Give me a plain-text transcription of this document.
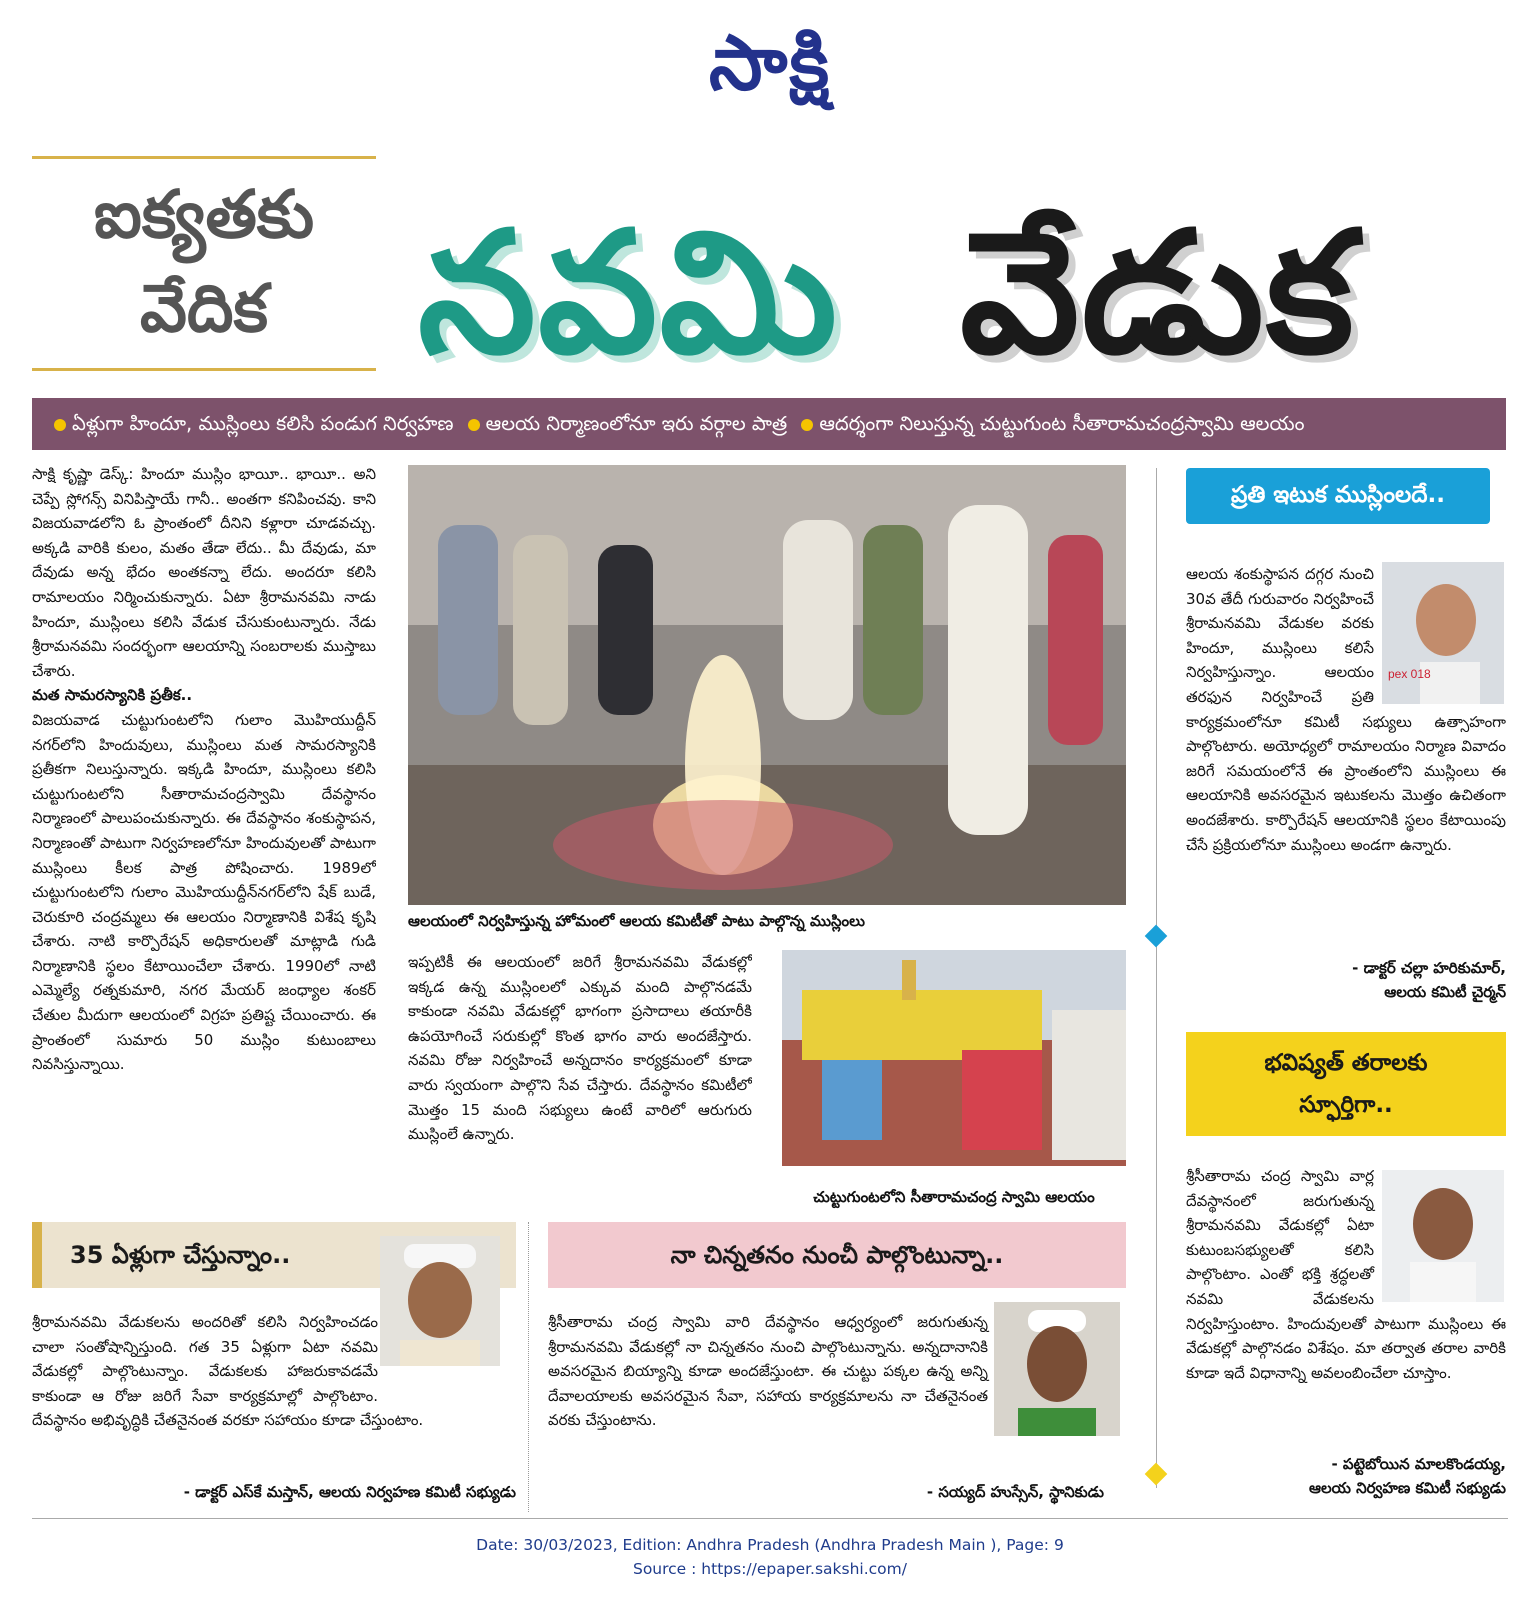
సాక్షి
ఐక్యతకు
వేదిక నవమి వేడుక
ఏళ్లుగా హిందూ, ముస్లింలు కలిసి పండుగ నిర్వహణ ఆలయ నిర్మాణంలోనూ ఇరు వర్గాల పాత్ర ఆదర్శంగా నిలుస్తున్న చుట్టుగుంట సీతారామచంద్రస్వామి ఆలయం

సాక్షి కృష్ణా డెస్క్: హిందూ ముస్లిం భాయీ.. భాయీ.. అని చెప్పే స్లోగన్స్ వినిపిస్తాయే గానీ.. అంతగా కనిపించవు. కాని విజయవాడలోని ఓ ప్రాంతంలో దీనిని కళ్లారా చూడవచ్చు. అక్కడి వారికి కులం, మతం తేడా లేదు.. మీ దేవుడు, మా దేవుడు అన్న భేదం అంతకన్నా లేదు. అందరూ కలిసి రామాలయం నిర్మించుకున్నారు. ఏటా శ్రీరామనవమి నాడు హిందూ, ముస్లింలు కలిసి వేడుక చేసుకుంటున్నారు. నేడు శ్రీరామనవమి సందర్భంగా ఆలయాన్ని సంబరాలకు ముస్తాబు చేశారు.

మత సామరస్యానికి ప్రతీక..

విజయవాడ చుట్టుగుంటలోని గులాం మొహియుద్దీన్ నగర్‌లోని హిందువులు, ముస్లింలు మత సామరస్యానికి ప్రతీకగా నిలుస్తున్నారు. ఇక్కడి హిందూ, ముస్లింలు కలిసి చుట్టుగుంటలోని సీతారామచంద్రస్వామి దేవస్థానం నిర్మాణంలో పాలుపంచుకున్నారు. ఈ దేవస్థానం శంకుస్థాపన, నిర్మాణంతో పాటుగా నిర్వహణలోనూ హిందువులతో పాటుగా ముస్లింలు కీలక పాత్ర పోషించారు. 1989లో చుట్టుగుంటలోని గులాం మొహియుద్దీన్‌నగర్‌లోని షేక్ బుడే, చెరుకూరి చంద్రమ్మలు ఈ ఆలయం నిర్మాణానికి విశేష కృషి చేశారు. నాటి కార్పొరేషన్ అధికారులతో మాట్లాడి గుడి నిర్మాణానికి స్థలం కేటాయించేలా చేశారు. 1990లో నాటి ఎమ్మెల్యే రత్నకుమారి, నగర మేయర్ జంధ్యాల శంకర్ చేతుల మీదుగా ఆలయంలో విగ్రహ ప్రతిష్ట చేయించారు. ఈ ప్రాంతంలో సుమారు 50 ముస్లిం కుటుంబాలు నివసిస్తున్నాయి.

ఆలయంలో నిర్వహిస్తున్న హోమంలో ఆలయ కమిటీతో పాటు పాల్గొన్న ముస్లింలు

ఇప్పటికీ ఈ ఆలయంలో జరిగే శ్రీరామనవమి వేడుకల్లో ఇక్కడ ఉన్న ముస్లింలలో ఎక్కువ మంది పాల్గొనడమే కాకుండా నవమి వేడుకల్లో భాగంగా ప్రసాదాలు తయారీకి ఉపయోగించే సరుకుల్లో కొంత భాగం వారు అందజేస్తారు. నవమి రోజు నిర్వహించే అన్నదానం కార్యక్రమంలో కూడా వారు స్వయంగా పాల్గొని సేవ చేస్తారు. దేవస్థానం కమిటీలో మొత్తం 15 మంది సభ్యులు ఉంటే వారిలో ఆరుగురు ముస్లింలే ఉన్నారు.

చుట్టుగుంటలోని సీతారామచంద్ర స్వామి ఆలయం
ప్రతి ఇటుక ముస్లింలదే..
pex 018

ఆలయ శంకుస్థాపన దగ్గర నుంచి 30వ తేదీ గురువారం నిర్వహించే శ్రీరామనవమి వేడుకల వరకు హిందూ, ముస్లింలు కలిసే నిర్వహిస్తున్నాం. ఆలయం తరఫున నిర్వహించే ప్రతి కార్యక్రమంలోనూ కమిటీ సభ్యులు ఉత్సాహంగా పాల్గొంటారు. అయోధ్యలో రామాలయం నిర్మాణ వివాదం జరిగే సమయంలోనే ఈ ప్రాంతంలోని ముస్లింలు ఈ ఆలయానికి అవసరమైన ఇటుకలను మొత్తం ఉచితంగా అందజేశారు. కార్పొరేషన్ ఆలయానికి స్థలం కేటాయింపు చేసే ప్రక్రియలోనూ ముస్లింలు అండగా ఉన్నారు.

- డాక్టర్ చల్లా హరికుమార్,
ఆలయ కమిటీ చైర్మన్
భవిష్యత్ తరాలకు
స్ఫూర్తిగా..

శ్రీసీతారామ చంద్ర స్వామి వార్ల దేవస్థానంలో జరుగుతున్న శ్రీరామనవమి వేడుకల్లో ఏటా కుటుంబసభ్యులతో కలిసి పాల్గొంటాం. ఎంతో భక్తి శ్రద్ధలతో నవమి వేడుకలను నిర్వహిస్తుంటాం. హిందువులతో పాటుగా ముస్లింలు ఈ వేడుకల్లో పాల్గొనడం విశేషం. మా తర్వాత తరాల వారికి కూడా ఇదే విధానాన్ని అవలంబించేలా చూస్తాం.

- పట్టెబోయిన మాలకొండయ్య,
ఆలయ నిర్వహణ కమిటీ సభ్యుడు
35 ఏళ్లుగా చేస్తున్నాం..

శ్రీరామనవమి వేడుకలను అందరితో కలిసి నిర్వహించడం చాలా సంతోషాన్నిస్తుంది. గత 35 ఏళ్లుగా ఏటా నవమి వేడుకల్లో పాల్గొంటున్నాం. వేడుకలకు హాజరుకావడమే కాకుండా ఆ రోజు జరిగే సేవా కార్యక్రమాల్లో పాల్గొంటాం. దేవస్థానం అభివృద్ధికి చేతనైనంత వరకూ సహాయం కూడా చేస్తుంటాం.

- డాక్టర్ ఎస్‌కే మస్తాన్, ఆలయ నిర్వహణ కమిటీ సభ్యుడు
నా చిన్నతనం నుంచీ పాల్గొంటున్నా..

శ్రీసీతారామ చంద్ర స్వామి వారి దేవస్థానం ఆధ్వర్యంలో జరుగుతున్న శ్రీరామనవమి వేడుకల్లో నా చిన్నతనం నుంచి పాల్గొంటున్నాను. అన్నదానానికి అవసరమైన బియ్యాన్ని కూడా అందజేస్తుంటా. ఈ చుట్టు పక్కల ఉన్న అన్ని దేవాలయాలకు అవసరమైన సేవా, సహాయ కార్యక్రమాలను నా చేతనైనంత వరకు చేస్తుంటాను.

- సయ్యద్ హుస్సేన్, స్థానికుడు
Date: 30/03/2023, Edition: Andhra Pradesh (Andhra Pradesh Main ), Page: 9
Source : https://epaper.sakshi.com/
